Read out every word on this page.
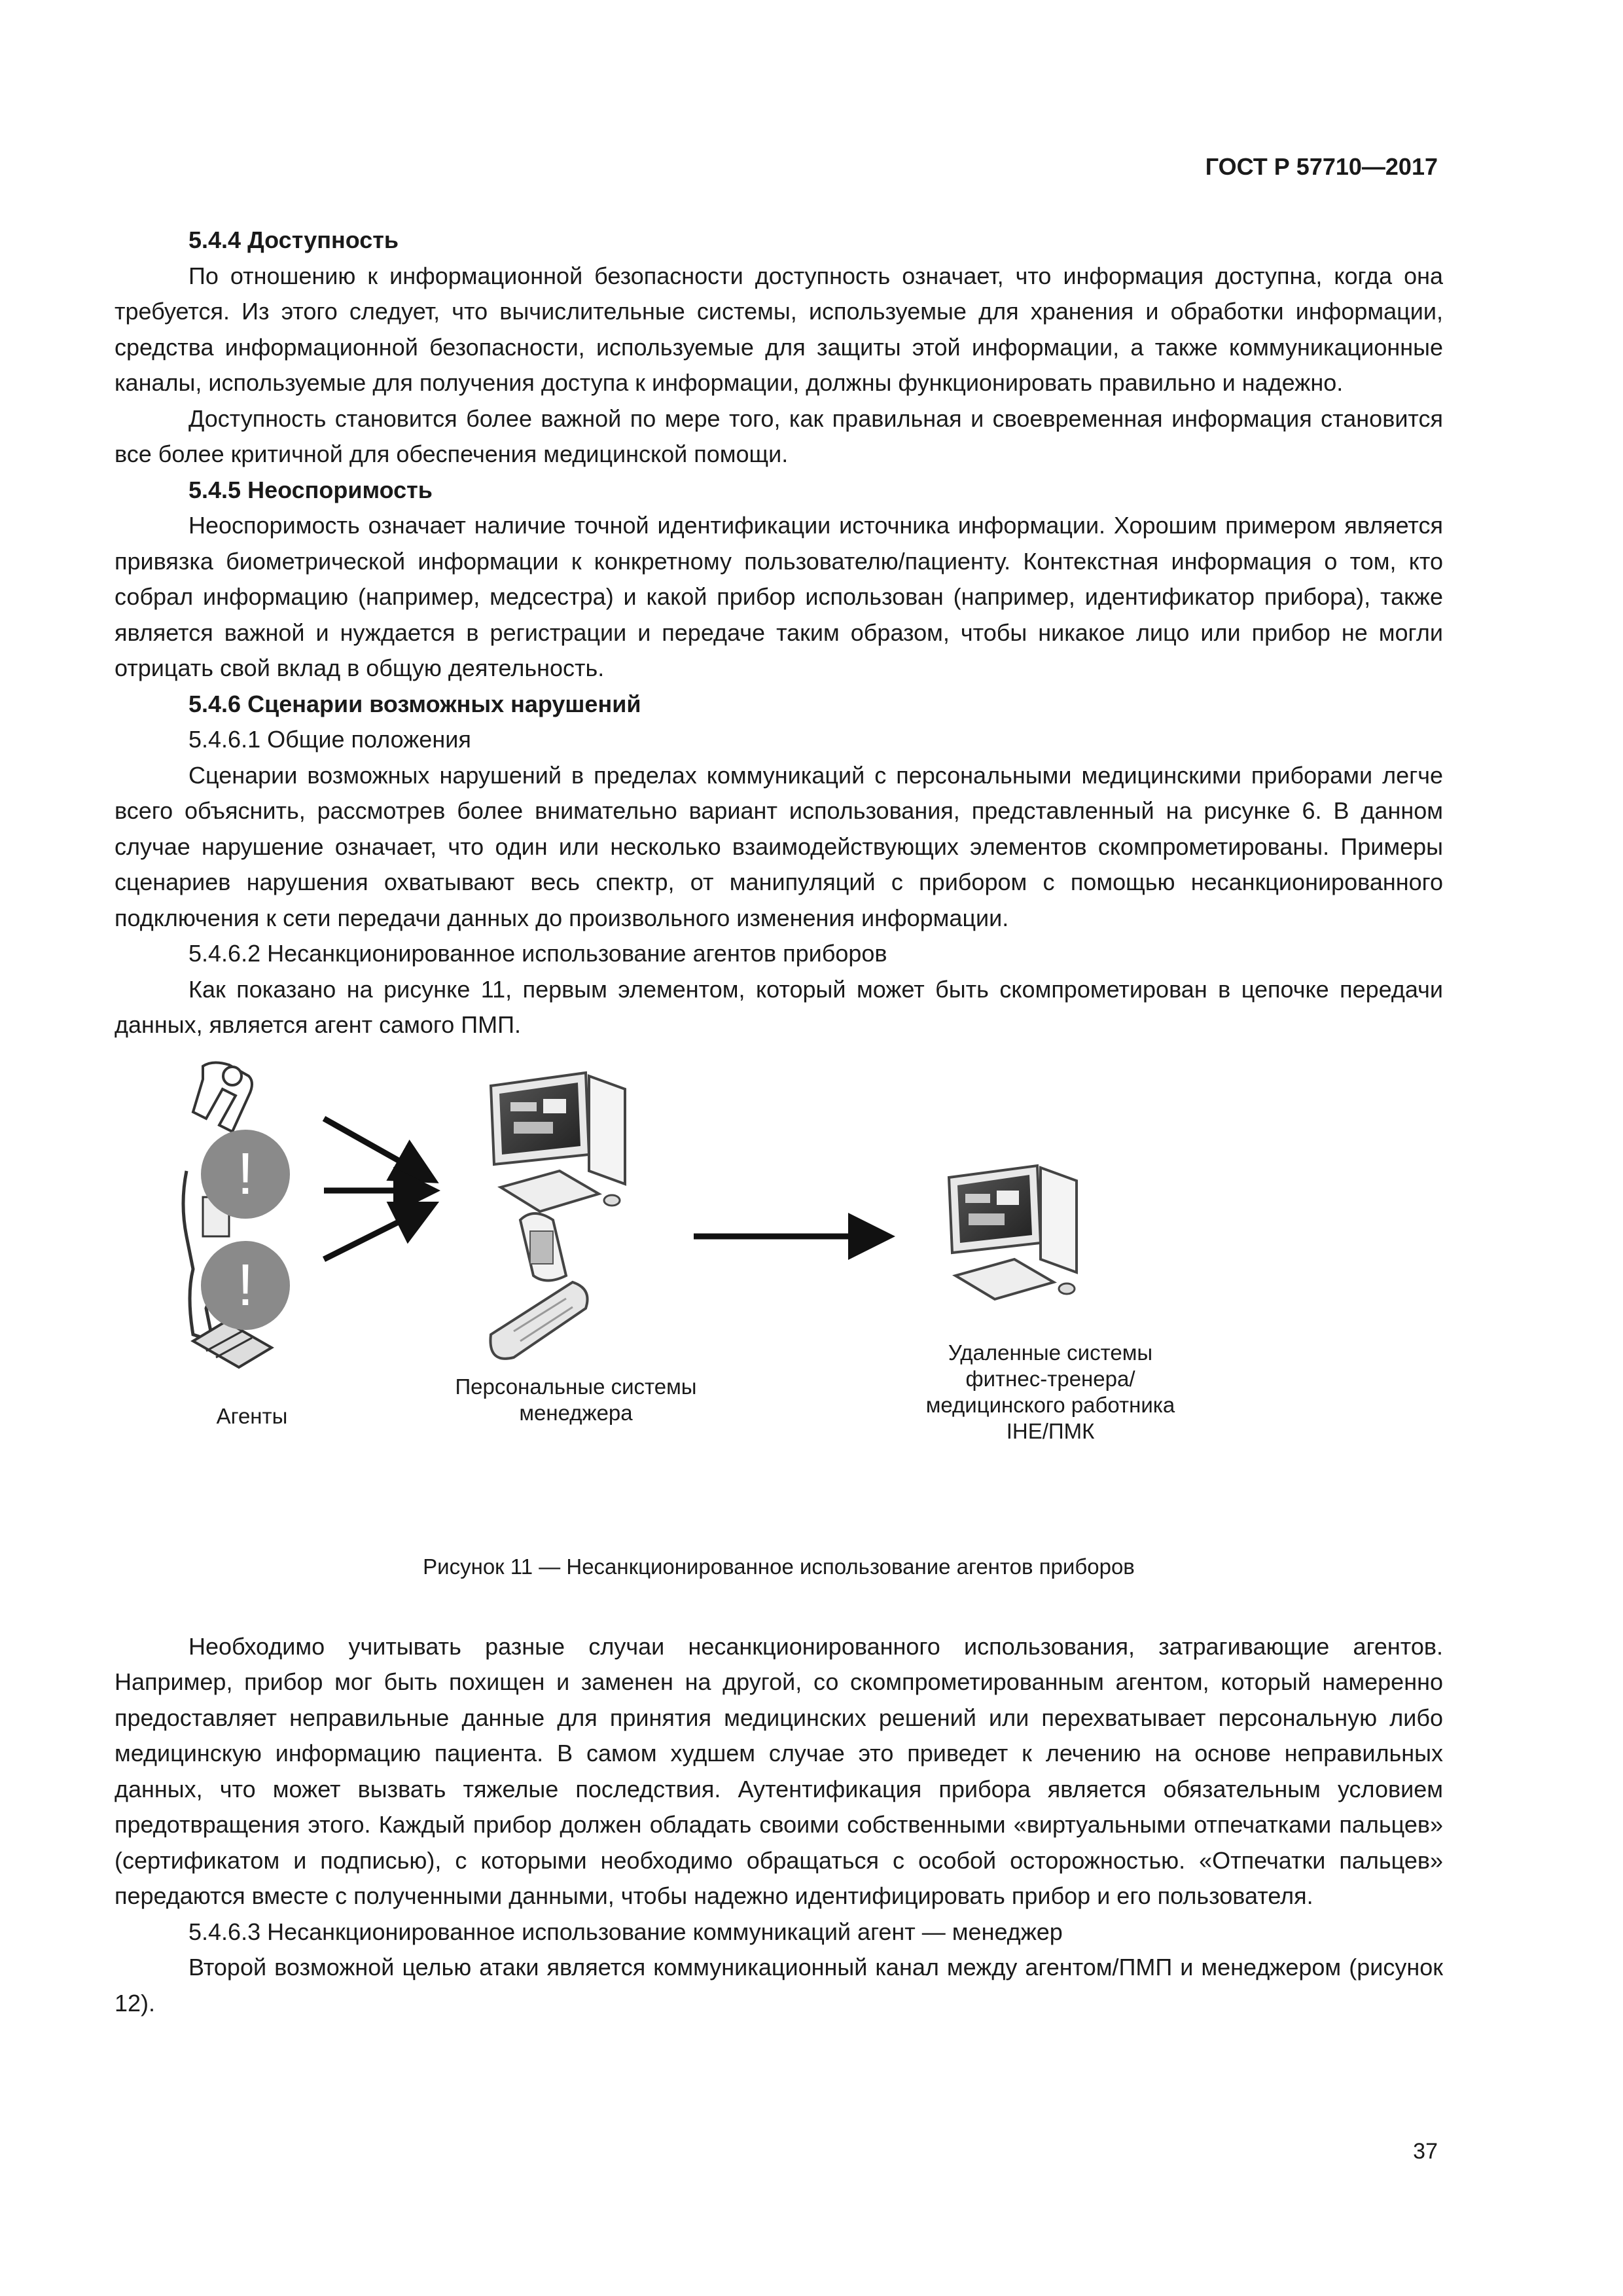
ГОСТ Р 57710—2017

5.4.4 Доступность

По отношению к информационной безопасности доступность означает, что информация доступна, когда она требуется. Из этого следует, что вычислительные системы, используемые для хранения и обработки информации, средства информационной безопасности, используемые для защиты этой информации, а также коммуникационные каналы, используемые для получения доступа к информации, должны функционировать правильно и надежно.

Доступность становится более важной по мере того, как правильная и своевременная информация становится все более критичной для обеспечения медицинской помощи.

5.4.5 Неоспоримость

Неоспоримость означает наличие точной идентификации источника информации. Хорошим примером является привязка биометрической информации к конкретному пользователю/пациенту. Контекстная информация о том, кто собрал информацию (например, медсестра) и какой прибор использован (например, идентификатор прибора), также является важной и нуждается в регистрации и передаче таким образом, чтобы никакое лицо или прибор не могли отрицать свой вклад в общую деятельность.

5.4.6 Сценарии возможных нарушений

5.4.6.1 Общие положения

Сценарии возможных нарушений в пределах коммуникаций с персональными медицинскими приборами легче всего объяснить, рассмотрев более внимательно вариант использования, представленный на рисунке 6. В данном случае нарушение означает, что один или несколько взаимодействующих элементов скомпрометированы. Примеры сценариев нарушения охватывают весь спектр, от манипуляций с прибором с помощью несанкционированного подключения к сети передачи данных до произвольного изменения информации.

5.4.6.2 Несанкционированное использование агентов приборов

Как показано на рисунке 11, первым элементом, который может быть скомпрометирован в цепочке передачи данных, является агент самого ПМП.

!
!
Агенты
Персональные системы
менеджера
Удаленные системы
фитнес-тренера/
медицинского работника
IHE/ПМК
Рисунок 11 — Несанкционированное использование агентов приборов

Необходимо учитывать разные случаи несанкционированного использования, затрагивающие агентов. Например, прибор мог быть похищен и заменен на другой, со скомпрометированным агентом, который намеренно предоставляет неправильные данные для принятия медицинских решений или перехватывает персональную либо медицинскую информацию пациента. В самом худшем случае это приведет к лечению на основе неправильных данных, что может вызвать тяжелые последствия. Аутентификация прибора является обязательным условием предотвращения этого. Каждый прибор должен обладать своими собственными «виртуальными отпечатками пальцев» (сертификатом и подписью), с которыми необходимо обращаться с особой осторожностью. «Отпечатки пальцев» передаются вместе с полученными данными, чтобы надежно идентифицировать прибор и его пользователя.

5.4.6.3 Несанкционированное использование коммуникаций агент — менеджер

Второй возможной целью атаки является коммуникационный канал между агентом/ПМП и менеджером (рисунок 12).

37
